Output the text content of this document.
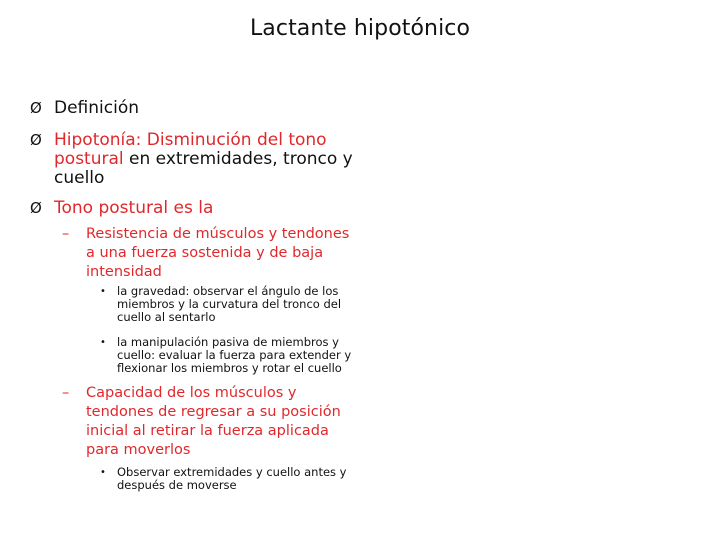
Lactante hipotónico
Ø Definición
Ø Hipotonía: Disminución del tono postural en extremidades, tronco y cuello
Ø Tono postural es la
– Resistencia de músculos y tendones a una fuerza sostenida y de baja intensidad
• la gravedad: observar el ángulo de los miembros y la curvatura del tronco del cuello al sentarlo
• la manipulación pasiva de miembros y cuello: evaluar la fuerza para extender y flexionar los miembros y rotar el cuello
– Capacidad de los músculos y tendones de regresar a su posición inicial al retirar la fuerza aplicada para moverlos
• Observar extremidades y cuello antes y después de moverse
